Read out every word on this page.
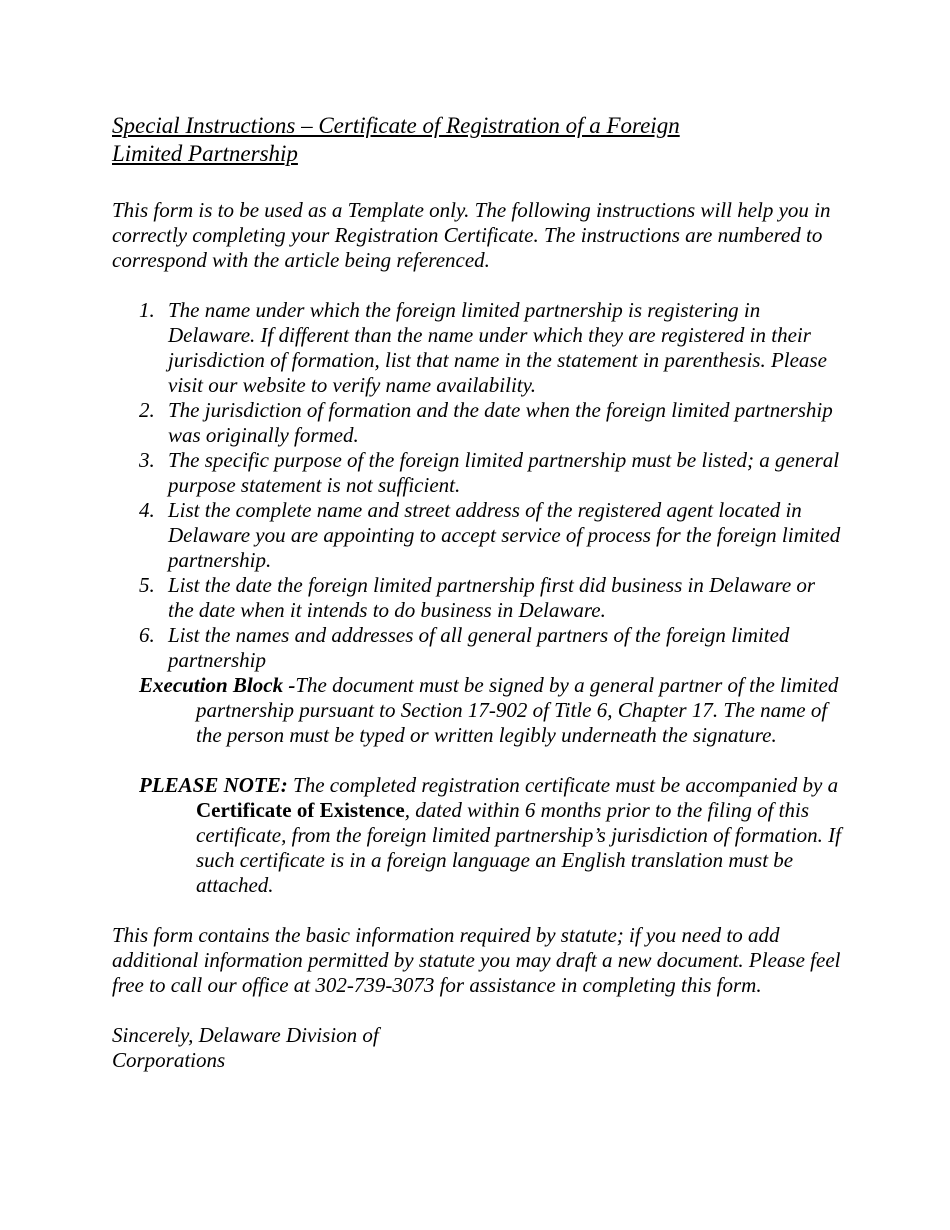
Special Instructions – Certificate of Registration of a Foreign Limited Partnership

This form is to be used as a Template only. The following instructions will help you in correctly completing your Registration Certificate. The instructions are numbered to correspond with the article being referenced.

1. The name under which the foreign limited partnership is registering in Delaware. If different than the name under which they are registered in their jurisdiction of formation, list that name in the statement in parenthesis. Please visit our website to verify name availability.
2. The jurisdiction of formation and the date when the foreign limited partnership was originally formed.
3. The specific purpose of the foreign limited partnership must be listed; a general purpose statement is not sufficient.
4. List the complete name and street address of the registered agent located in Delaware you are appointing to accept service of process for the foreign limited partnership.
5. List the date the foreign limited partnership first did business in Delaware or the date when it intends to do business in Delaware.
6. List the names and addresses of all general partners of the foreign limited partnership

Execution Block -The document must be signed by a general partner of the limited partnership pursuant to Section 17-902 of Title 6, Chapter 17. The name of the person must be typed or written legibly underneath the signature.

PLEASE NOTE: The completed registration certificate must be accompanied by a Certificate of Existence, dated within 6 months prior to the filing of this certificate, from the foreign limited partnership’s jurisdiction of formation. If such certificate is in a foreign language an English translation must be attached.

This form contains the basic information required by statute; if you need to add additional information permitted by statute you may draft a new document. Please feel free to call our office at 302-739-3073 for assistance in completing this form.

Sincerely, Delaware Division of Corporations
